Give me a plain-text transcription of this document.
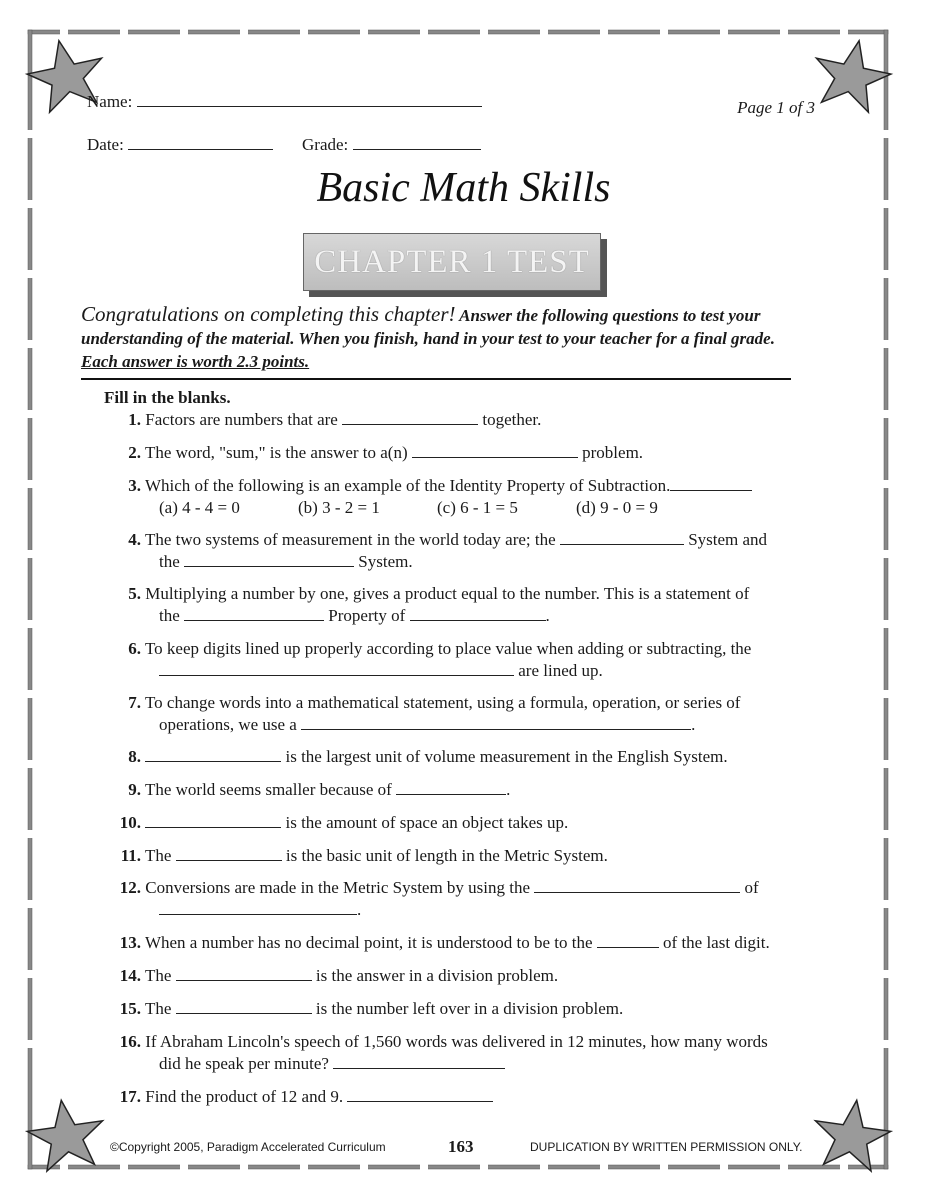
Name:	Page 1 of 3
Date:	Grade:
Basic Math Skills
CHAPTER 1 TEST
Congratulations on completing this chapter! Answer the following questions to test your understanding of the material. When you finish, hand in your test to your teacher for a final grade.
Each answer is worth 2.3 points.
Fill in the blanks.
1. Factors are numbers that are	together.
2. The word, "sum," is the answer to a(n)	problem.
3. Which of the following is an example of the Identity Property of Subtraction.
(a) 4 - 4 = 0	(b) 3 - 2 = 1	(c) 6 - 1 = 5	(d) 9 - 0 = 9
4. The two systems of measurement in the world today are; the	System and
the	System.
5. Multiplying a number by one, gives a product equal to the number. This is a statement of
the	Property of	.
6. To keep digits lined up properly according to place value when adding or subtracting, the
are lined up.
7. To change words into a mathematical statement, using a formula, operation, or series of
operations, we use a	.
8.	is the largest unit of volume measurement in the English System.
9. The world seems smaller because of	.
10.	is the amount of space an object takes up.
11. The	is the basic unit of length in the Metric System.
12. Conversions are made in the Metric System by using the	of
.
13. When a number has no decimal point, it is understood to be to the	of the last digit.
14. The	is the answer in a division problem.
15. The	is the number left over in a division problem.
16. If Abraham Lincoln's speech of 1,560 words was delivered in 12 minutes, how many words
did he speak per minute?
17. Find the product of 12 and 9.
©Copyright 2005, Paradigm Accelerated Curriculum	163	DUPLICATION BY WRITTEN PERMISSION ONLY.
